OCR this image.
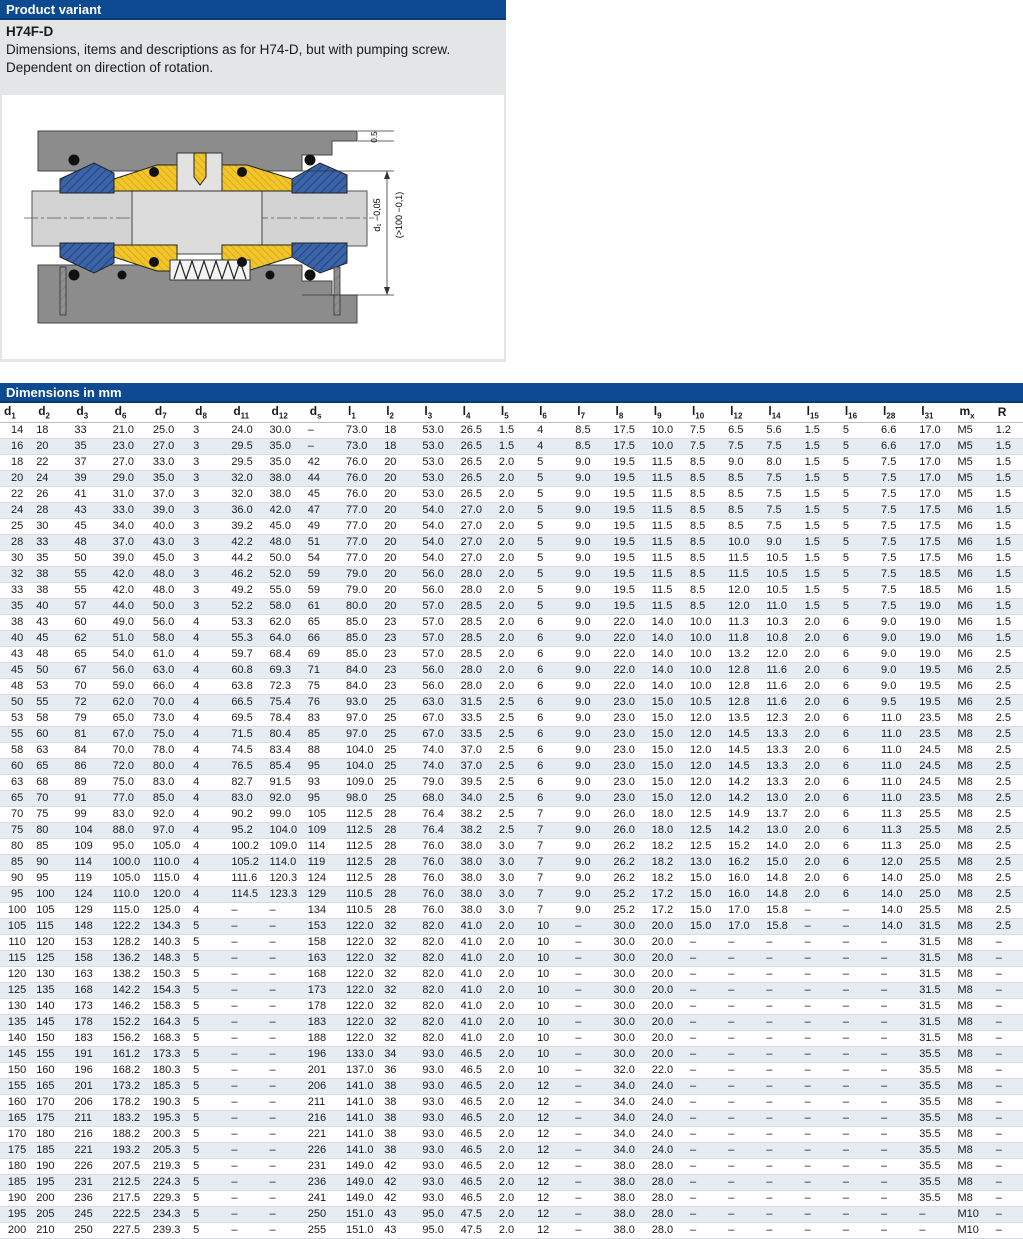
Product variant
H74F-D
Dimensions, items and descriptions as for H74-D, but with pumping screw.
Dependent on direction of rotation.
0.5
d₁ −0,05 (>100 −0,1)
Dimensions in mm
$d_1$	$d_2$	$d_3$	$d_6$	$d_7$	$d_8$	$d_{11}$	$d_{12}$	$d_s$	$l_1$	$l_2$	$l_3$	$l_4$	$l_5$	$l_6$	$l_7$	$l_8$	$l_9$	$l_{10}$	$l_{12}$	$l_{14}$	$l_{15}$	$l_{16}$	$l_{28}$	$l_{31}$	$m_x$	R
14	18	33	21.0	25.0	3	24.0	30.0	–	73.0	18	53.0	26.5	1.5	4	8.5	17.5	10.0	7.5	6.5	5.6	1.5	5	6.6	17.0	M5	1.2
16	20	35	23.0	27.0	3	29.5	35.0	–	73.0	18	53.0	26.5	1.5	4	8.5	17.5	10.0	7.5	7.5	7.5	1.5	5	6.6	17.0	M5	1.5
18	22	37	27.0	33.0	3	29.5	35.0	42	76.0	20	53.0	26.5	2.0	5	9.0	19.5	11.5	8.5	9.0	8.0	1.5	5	7.5	17.0	M5	1.5
20	24	39	29.0	35.0	3	32.0	38.0	44	76.0	20	53.0	26.5	2.0	5	9.0	19.5	11.5	8.5	8.5	7.5	1.5	5	7.5	17.0	M5	1.5
22	26	41	31.0	37.0	3	32.0	38.0	45	76.0	20	53.0	26.5	2.0	5	9.0	19.5	11.5	8.5	8.5	7.5	1.5	5	7.5	17.0	M5	1.5
24	28	43	33.0	39.0	3	36.0	42.0	47	77.0	20	54.0	27.0	2.0	5	9.0	19.5	11.5	8.5	8.5	7.5	1.5	5	7.5	17.5	M6	1.5
25	30	45	34.0	40.0	3	39.2	45.0	49	77.0	20	54.0	27.0	2.0	5	9.0	19.5	11.5	8.5	8.5	7.5	1.5	5	7.5	17.5	M6	1.5
28	33	48	37.0	43.0	3	42.2	48.0	51	77.0	20	54.0	27.0	2.0	5	9.0	19.5	11.5	8.5	10.0	9.0	1.5	5	7.5	17.5	M6	1.5
30	35	50	39.0	45.0	3	44.2	50.0	54	77.0	20	54.0	27.0	2.0	5	9.0	19.5	11.5	8.5	11.5	10.5	1.5	5	7.5	17.5	M6	1.5
32	38	55	42.0	48.0	3	46.2	52.0	59	79.0	20	56.0	28.0	2.0	5	9.0	19.5	11.5	8.5	11.5	10.5	1.5	5	7.5	18.5	M6	1.5
33	38	55	42.0	48.0	3	49.2	55.0	59	79.0	20	56.0	28.0	2.0	5	9.0	19.5	11.5	8.5	12.0	10.5	1.5	5	7.5	18.5	M6	1.5
35	40	57	44.0	50.0	3	52.2	58.0	61	80.0	20	57.0	28.5	2.0	5	9.0	19.5	11.5	8.5	12.0	11.0	1.5	5	7.5	19.0	M6	1.5
38	43	60	49.0	56.0	4	53.3	62.0	65	85.0	23	57.0	28.5	2.0	6	9.0	22.0	14.0	10.0	11.3	10.3	2.0	6	9.0	19.0	M6	1.5
40	45	62	51.0	58.0	4	55.3	64.0	66	85.0	23	57.0	28.5	2.0	6	9.0	22.0	14.0	10.0	11.8	10.8	2.0	6	9.0	19.0	M6	1.5
43	48	65	54.0	61.0	4	59.7	68.4	69	85.0	23	57.0	28.5	2.0	6	9.0	22.0	14.0	10.0	13.2	12.0	2.0	6	9.0	19.0	M6	2.5
45	50	67	56.0	63.0	4	60.8	69.3	71	84.0	23	56.0	28.0	2.0	6	9.0	22.0	14.0	10.0	12.8	11.6	2.0	6	9.0	19.5	M6	2.5
48	53	70	59.0	66.0	4	63.8	72.3	75	84.0	23	56.0	28.0	2.0	6	9.0	22.0	14.0	10.0	12.8	11.6	2.0	6	9.0	19.5	M6	2.5
50	55	72	62.0	70.0	4	66.5	75.4	76	93.0	25	63.0	31.5	2.5	6	9.0	23.0	15.0	10.5	12.8	11.6	2.0	6	9.5	19.5	M6	2.5
53	58	79	65.0	73.0	4	69.5	78.4	83	97.0	25	67.0	33.5	2.5	6	9.0	23.0	15.0	12.0	13.5	12.3	2.0	6	11.0	23.5	M8	2.5
55	60	81	67.0	75.0	4	71.5	80.4	85	97.0	25	67.0	33.5	2.5	6	9.0	23.0	15.0	12.0	14.5	13.3	2.0	6	11.0	23.5	M8	2.5
58	63	84	70.0	78.0	4	74.5	83.4	88	104.0	25	74.0	37.0	2.5	6	9.0	23.0	15.0	12.0	14.5	13.3	2.0	6	11.0	24.5	M8	2.5
60	65	86	72.0	80.0	4	76.5	85.4	95	104.0	25	74.0	37.0	2.5	6	9.0	23.0	15.0	12.0	14.5	13.3	2.0	6	11.0	24.5	M8	2.5
63	68	89	75.0	83.0	4	82.7	91.5	93	109.0	25	79.0	39.5	2.5	6	9.0	23.0	15.0	12.0	14.2	13.3	2.0	6	11.0	24.5	M8	2.5
65	70	91	77.0	85.0	4	83.0	92.0	95	98.0	25	68.0	34.0	2.5	6	9.0	23.0	15.0	12.0	14.2	13.0	2.0	6	11.0	23.5	M8	2.5
70	75	99	83.0	92.0	4	90.2	99.0	105	112.5	28	76.4	38.2	2.5	7	9.0	26.0	18.0	12.5	14.9	13.7	2.0	6	11.3	25.5	M8	2.5
75	80	104	88.0	97.0	4	95.2	104.0	109	112.5	28	76.4	38.2	2.5	7	9.0	26.0	18.0	12.5	14.2	13.0	2.0	6	11.3	25.5	M8	2.5
80	85	109	95.0	105.0	4	100.2	109.0	114	112.5	28	76.0	38.0	3.0	7	9.0	26.2	18.2	12.5	15.2	14.0	2.0	6	11.3	25.0	M8	2.5
85	90	114	100.0	110.0	4	105.2	114.0	119	112.5	28	76.0	38.0	3.0	7	9.0	26.2	18.2	13.0	16.2	15.0	2.0	6	12.0	25.5	M8	2.5
90	95	119	105.0	115.0	4	111.6	120.3	124	112.5	28	76.0	38.0	3.0	7	9.0	26.2	18.2	15.0	16.0	14.8	2.0	6	14.0	25.0	M8	2.5
95	100	124	110.0	120.0	4	114.5	123.3	129	110.5	28	76.0	38.0	3.0	7	9.0	25.2	17.2	15.0	16.0	14.8	2.0	6	14.0	25.0	M8	2.5
100	105	129	115.0	125.0	4	–	–	134	110.5	28	76.0	38.0	3.0	7	9.0	25.2	17.2	15.0	17.0	15.8	–	–	14.0	25.5	M8	2.5
105	115	148	122.2	134.3	5	–	–	153	122.0	32	82.0	41.0	2.0	10	–	30.0	20.0	15.0	17.0	15.8	–	–	14.0	31.5	M8	2.5
110	120	153	128.2	140.3	5	–	–	158	122.0	32	82.0	41.0	2.0	10	–	30.0	20.0	–	–	–	–	–	–	31.5	M8	–
115	125	158	136.2	148.3	5	–	–	163	122.0	32	82.0	41.0	2.0	10	–	30.0	20.0	–	–	–	–	–	–	31.5	M8	–
120	130	163	138.2	150.3	5	–	–	168	122.0	32	82.0	41.0	2.0	10	–	30.0	20.0	–	–	–	–	–	–	31.5	M8	–
125	135	168	142.2	154.3	5	–	–	173	122.0	32	82.0	41.0	2.0	10	–	30.0	20.0	–	–	–	–	–	–	31.5	M8	–
130	140	173	146.2	158.3	5	–	–	178	122.0	32	82.0	41.0	2.0	10	–	30.0	20.0	–	–	–	–	–	–	31.5	M8	–
135	145	178	152.2	164.3	5	–	–	183	122.0	32	82.0	41.0	2.0	10	–	30.0	20.0	–	–	–	–	–	–	31.5	M8	–
140	150	183	156.2	168.3	5	–	–	188	122.0	32	82.0	41.0	2.0	10	–	30.0	20.0	–	–	–	–	–	–	31.5	M8	–
145	155	191	161.2	173.3	5	–	–	196	133.0	34	93.0	46.5	2.0	10	–	30.0	20.0	–	–	–	–	–	–	35.5	M8	–
150	160	196	168.2	180.3	5	–	–	201	137.0	36	93.0	46.5	2.0	10	–	32.0	22.0	–	–	–	–	–	–	35.5	M8	–
155	165	201	173.2	185.3	5	–	–	206	141.0	38	93.0	46.5	2.0	12	–	34.0	24.0	–	–	–	–	–	–	35.5	M8	–
160	170	206	178.2	190.3	5	–	–	211	141.0	38	93.0	46.5	2.0	12	–	34.0	24.0	–	–	–	–	–	–	35.5	M8	–
165	175	211	183.2	195.3	5	–	–	216	141.0	38	93.0	46.5	2.0	12	–	34.0	24.0	–	–	–	–	–	–	35.5	M8	–
170	180	216	188.2	200.3	5	–	–	221	141.0	38	93.0	46.5	2.0	12	–	34.0	24.0	–	–	–	–	–	–	35.5	M8	–
175	185	221	193.2	205.3	5	–	–	226	141.0	38	93.0	46.5	2.0	12	–	34.0	24.0	–	–	–	–	–	–	35.5	M8	–
180	190	226	207.5	219.3	5	–	–	231	149.0	42	93.0	46.5	2.0	12	–	38.0	28.0	–	–	–	–	–	–	35.5	M8	–
185	195	231	212.5	224.3	5	–	–	236	149.0	42	93.0	46.5	2.0	12	–	38.0	28.0	–	–	–	–	–	–	35.5	M8	–
190	200	236	217.5	229.3	5	–	–	241	149.0	42	93.0	46.5	2.0	12	–	38.0	28.0	–	–	–	–	–	–	35.5	M8	–
195	205	245	222.5	234.3	5	–	–	250	151.0	43	95.0	47.5	2.0	12	–	38.0	28.0	–	–	–	–	–	–	–	M10	–
200	210	250	227.5	239.3	5	–	–	255	151.0	43	95.0	47.5	2.0	12	–	38.0	28.0	–	–	–	–	–	–	–	M10	–
